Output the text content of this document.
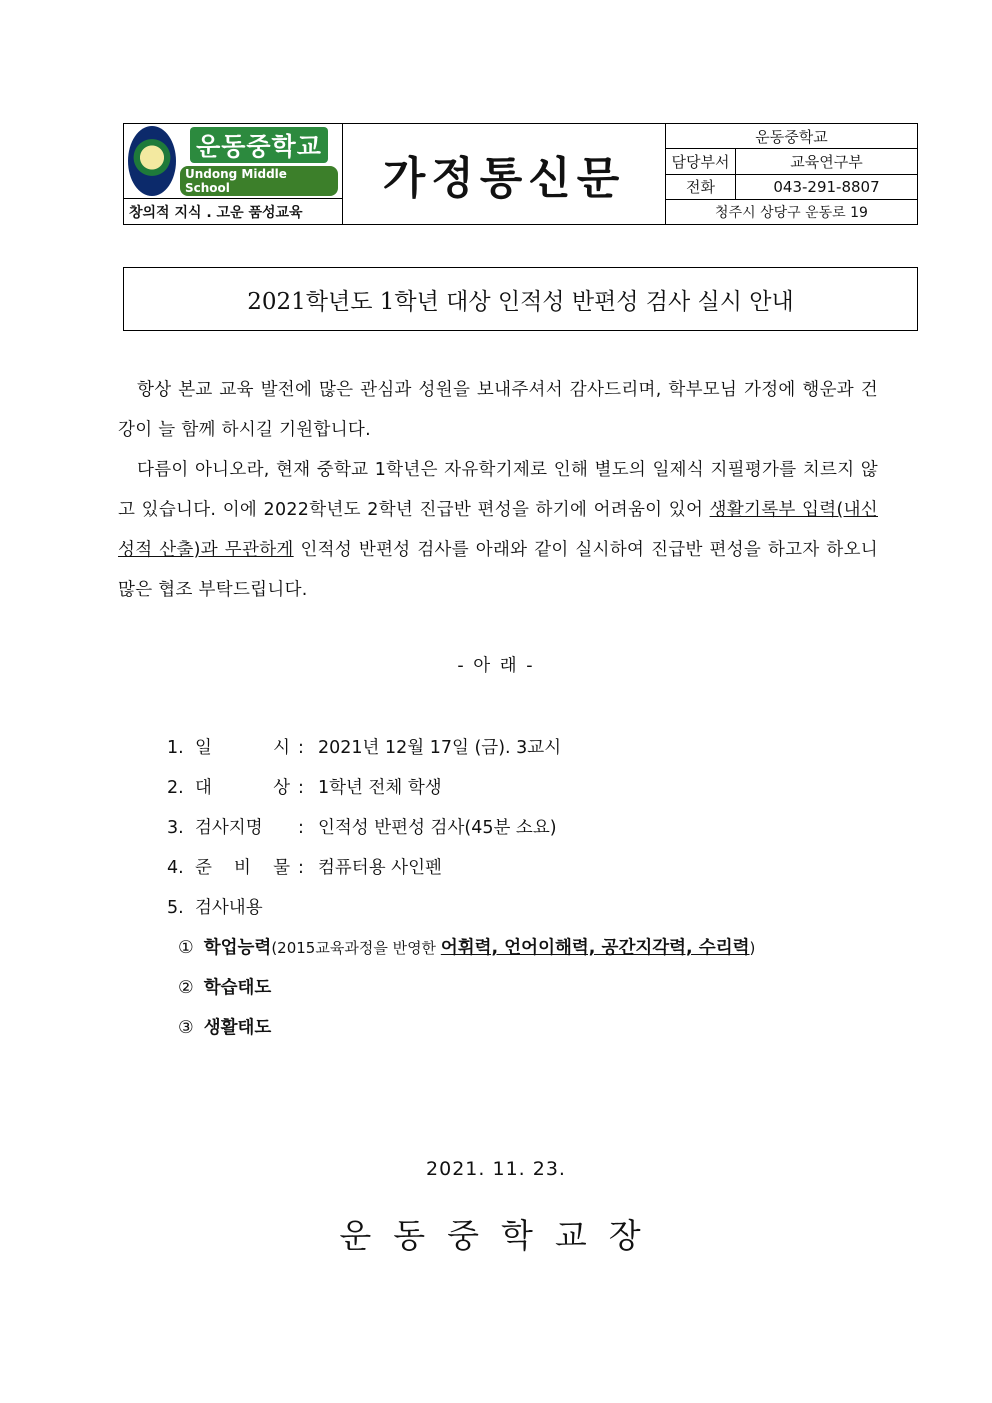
운동중학교
Undong Middle School
창의적 지식 . 고운 품성교육
가정통신문
운동중학교
담당부서	교육연구부
전화	043-291-8807
청주시 상당구 운동로 19
2021학년도 1학년 대상 인적성 반편성 검사 실시 안내

항상 본교 교육 발전에 많은 관심과 성원을 보내주셔서 감사드리며, 학부모님 가정에 행운과 건강이 늘 함께 하시길 기원합니다.

다름이 아니오라, 현재 중학교 1학년은 자유학기제로 인해 별도의 일제식 지필평가를 치르지 않고 있습니다. 이에 2022학년도 2학년 진급반 편성을 하기에 어려움이 있어 생활기록부 입력(내신 성적 산출)과 무관하게 인적성 반편성 검사를 아래와 같이 실시하여 진급반 편성을 하고자 하오니 많은 협조 부탁드립니다.

- 아 래 -
1. 일	시 : 2021년 12월 17일 (금). 3교시
2. 대	상 : 1학년 전체 학생
3. 검사지명 : 인적성 반편성 검사(45분 소요)
4. 준 비 물 : 컴퓨터용 사인펜
5. 검사내용
① 학업능력(2015교육과정을 반영한 어휘력, 언어이해력, 공간지각력, 수리력)
② 학습태도
③ 생활태도
2021. 11. 23.
운동중학교장
